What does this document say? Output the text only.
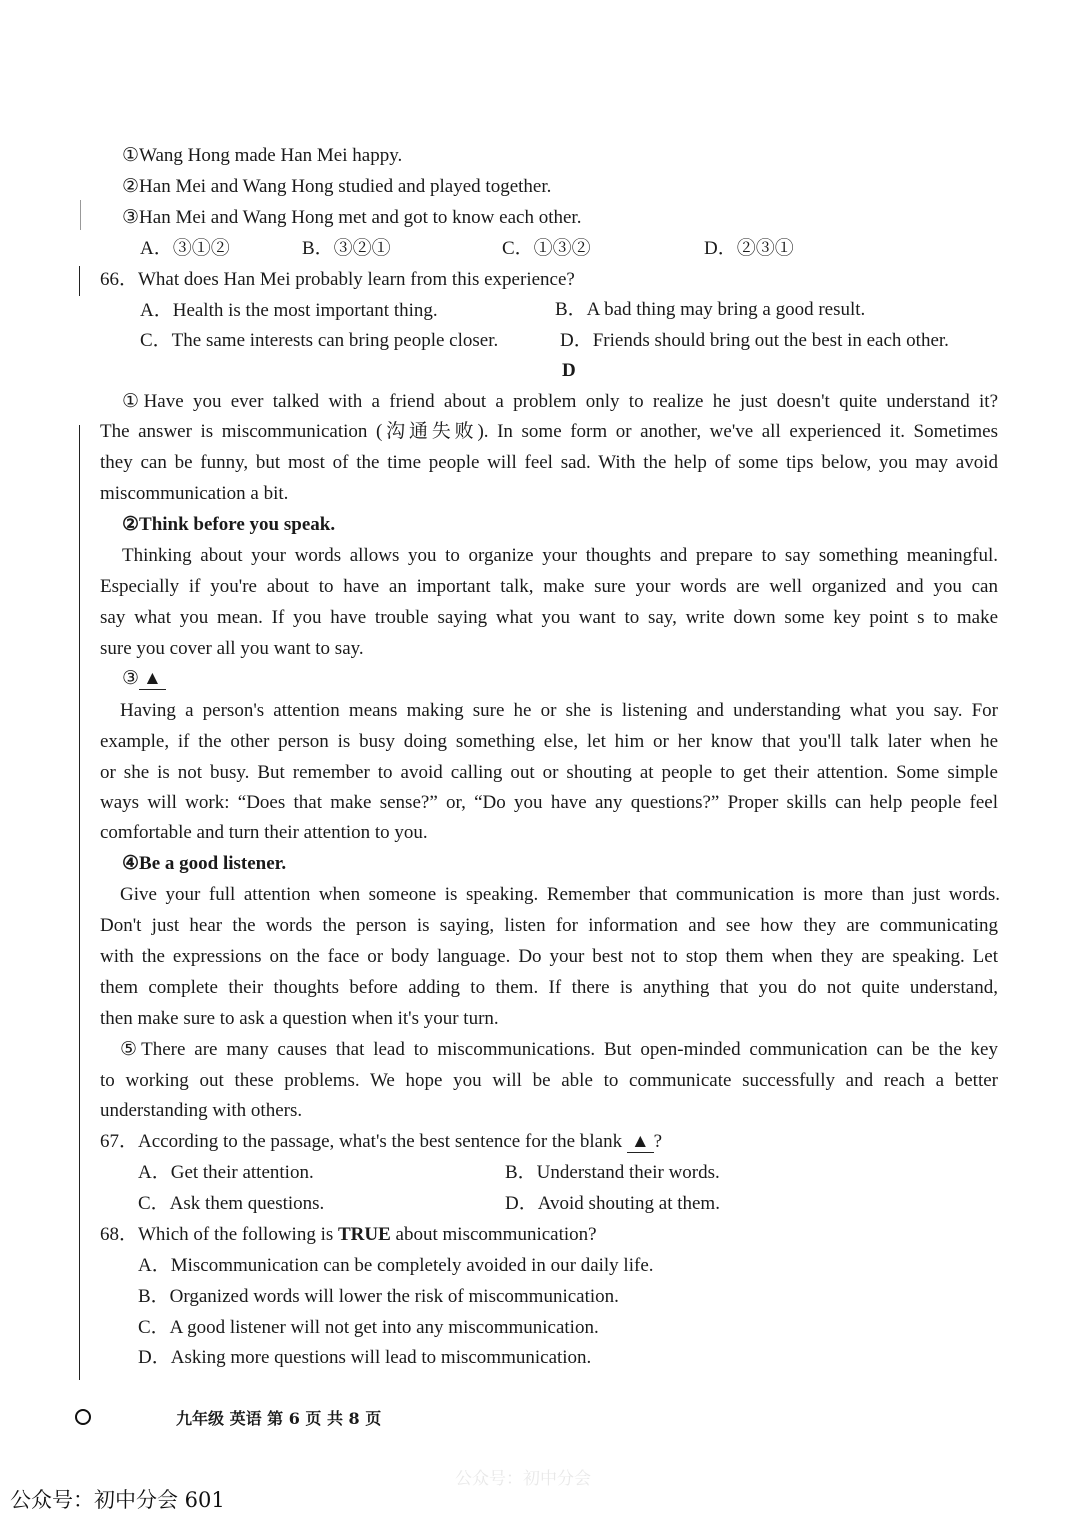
①Wang Hong made Han Mei happy.
②Han Mei and Wang Hong studied and played together.
③Han Mei and Wang Hong met and got to know each other.
A．③①②	B．③②①	C．①③②	D．②③①
66．What does Han Mei probably learn from this experience?
A．Health is the most important thing.	B．A bad thing may bring a good result.
C．The same interests can bring people closer.	D．Friends should bring out the best in each other.
D
①Have you ever talked with a friend about a problem only to realize he just doesn't quite understand it?
The answer is miscommunication (沟通失败). In some form or another, we've all experienced it. Sometimes
they can be funny, but most of the time people will feel sad. With the help of some tips below, you may avoid
miscommunication a bit.
②Think before you speak.
Thinking about your words allows you to organize your thoughts and prepare to say something meaningful.
Especially if you're about to have an important talk, make sure your words are well organized and you can
say what you mean. If you have trouble saying what you want to say, write down some key point s to make
sure you cover all you want to say.
③ ▲
Having a person's attention means making sure he or she is listening and understanding what you say. For
example, if the other person is busy doing something else, let him or her know that you'll talk later when he
or she is not busy. But remember to avoid calling out or shouting at people to get their attention. Some simple
ways will work: “Does that make sense?” or, “Do you have any questions?” Proper skills can help people feel
comfortable and turn their attention to you.
④Be a good listener.
Give your full attention when someone is speaking. Remember that communication is more than just words.
Don't just hear the words the person is saying, listen for information and see how they are communicating
with the expressions on the face or body language. Do your best not to stop them when they are speaking. Let
them complete their thoughts before adding to them. If there is anything that you do not quite understand,
then make sure to ask a question when it's your turn.
⑤There are many causes that lead to miscommunications. But open-minded communication can be the key
to working out these problems. We hope you will be able to communicate successfully and reach a better
understanding with others.
67．According to the passage, what's the best sentence for the blank ▲ ?
A．Get their attention.	B．Understand their words.
C．Ask them questions.	D．Avoid shouting at them.
68．Which of the following is TRUE about miscommunication?
A．Miscommunication can be completely avoided in our daily life.
B．Organized words will lower the risk of miscommunication.
C．A good listener will not get into any miscommunication.
D．Asking more questions will lead to miscommunication.
九年级 英语 第 6 页 共 8 页
公众号：初中分会
公众号：初中分会 601
